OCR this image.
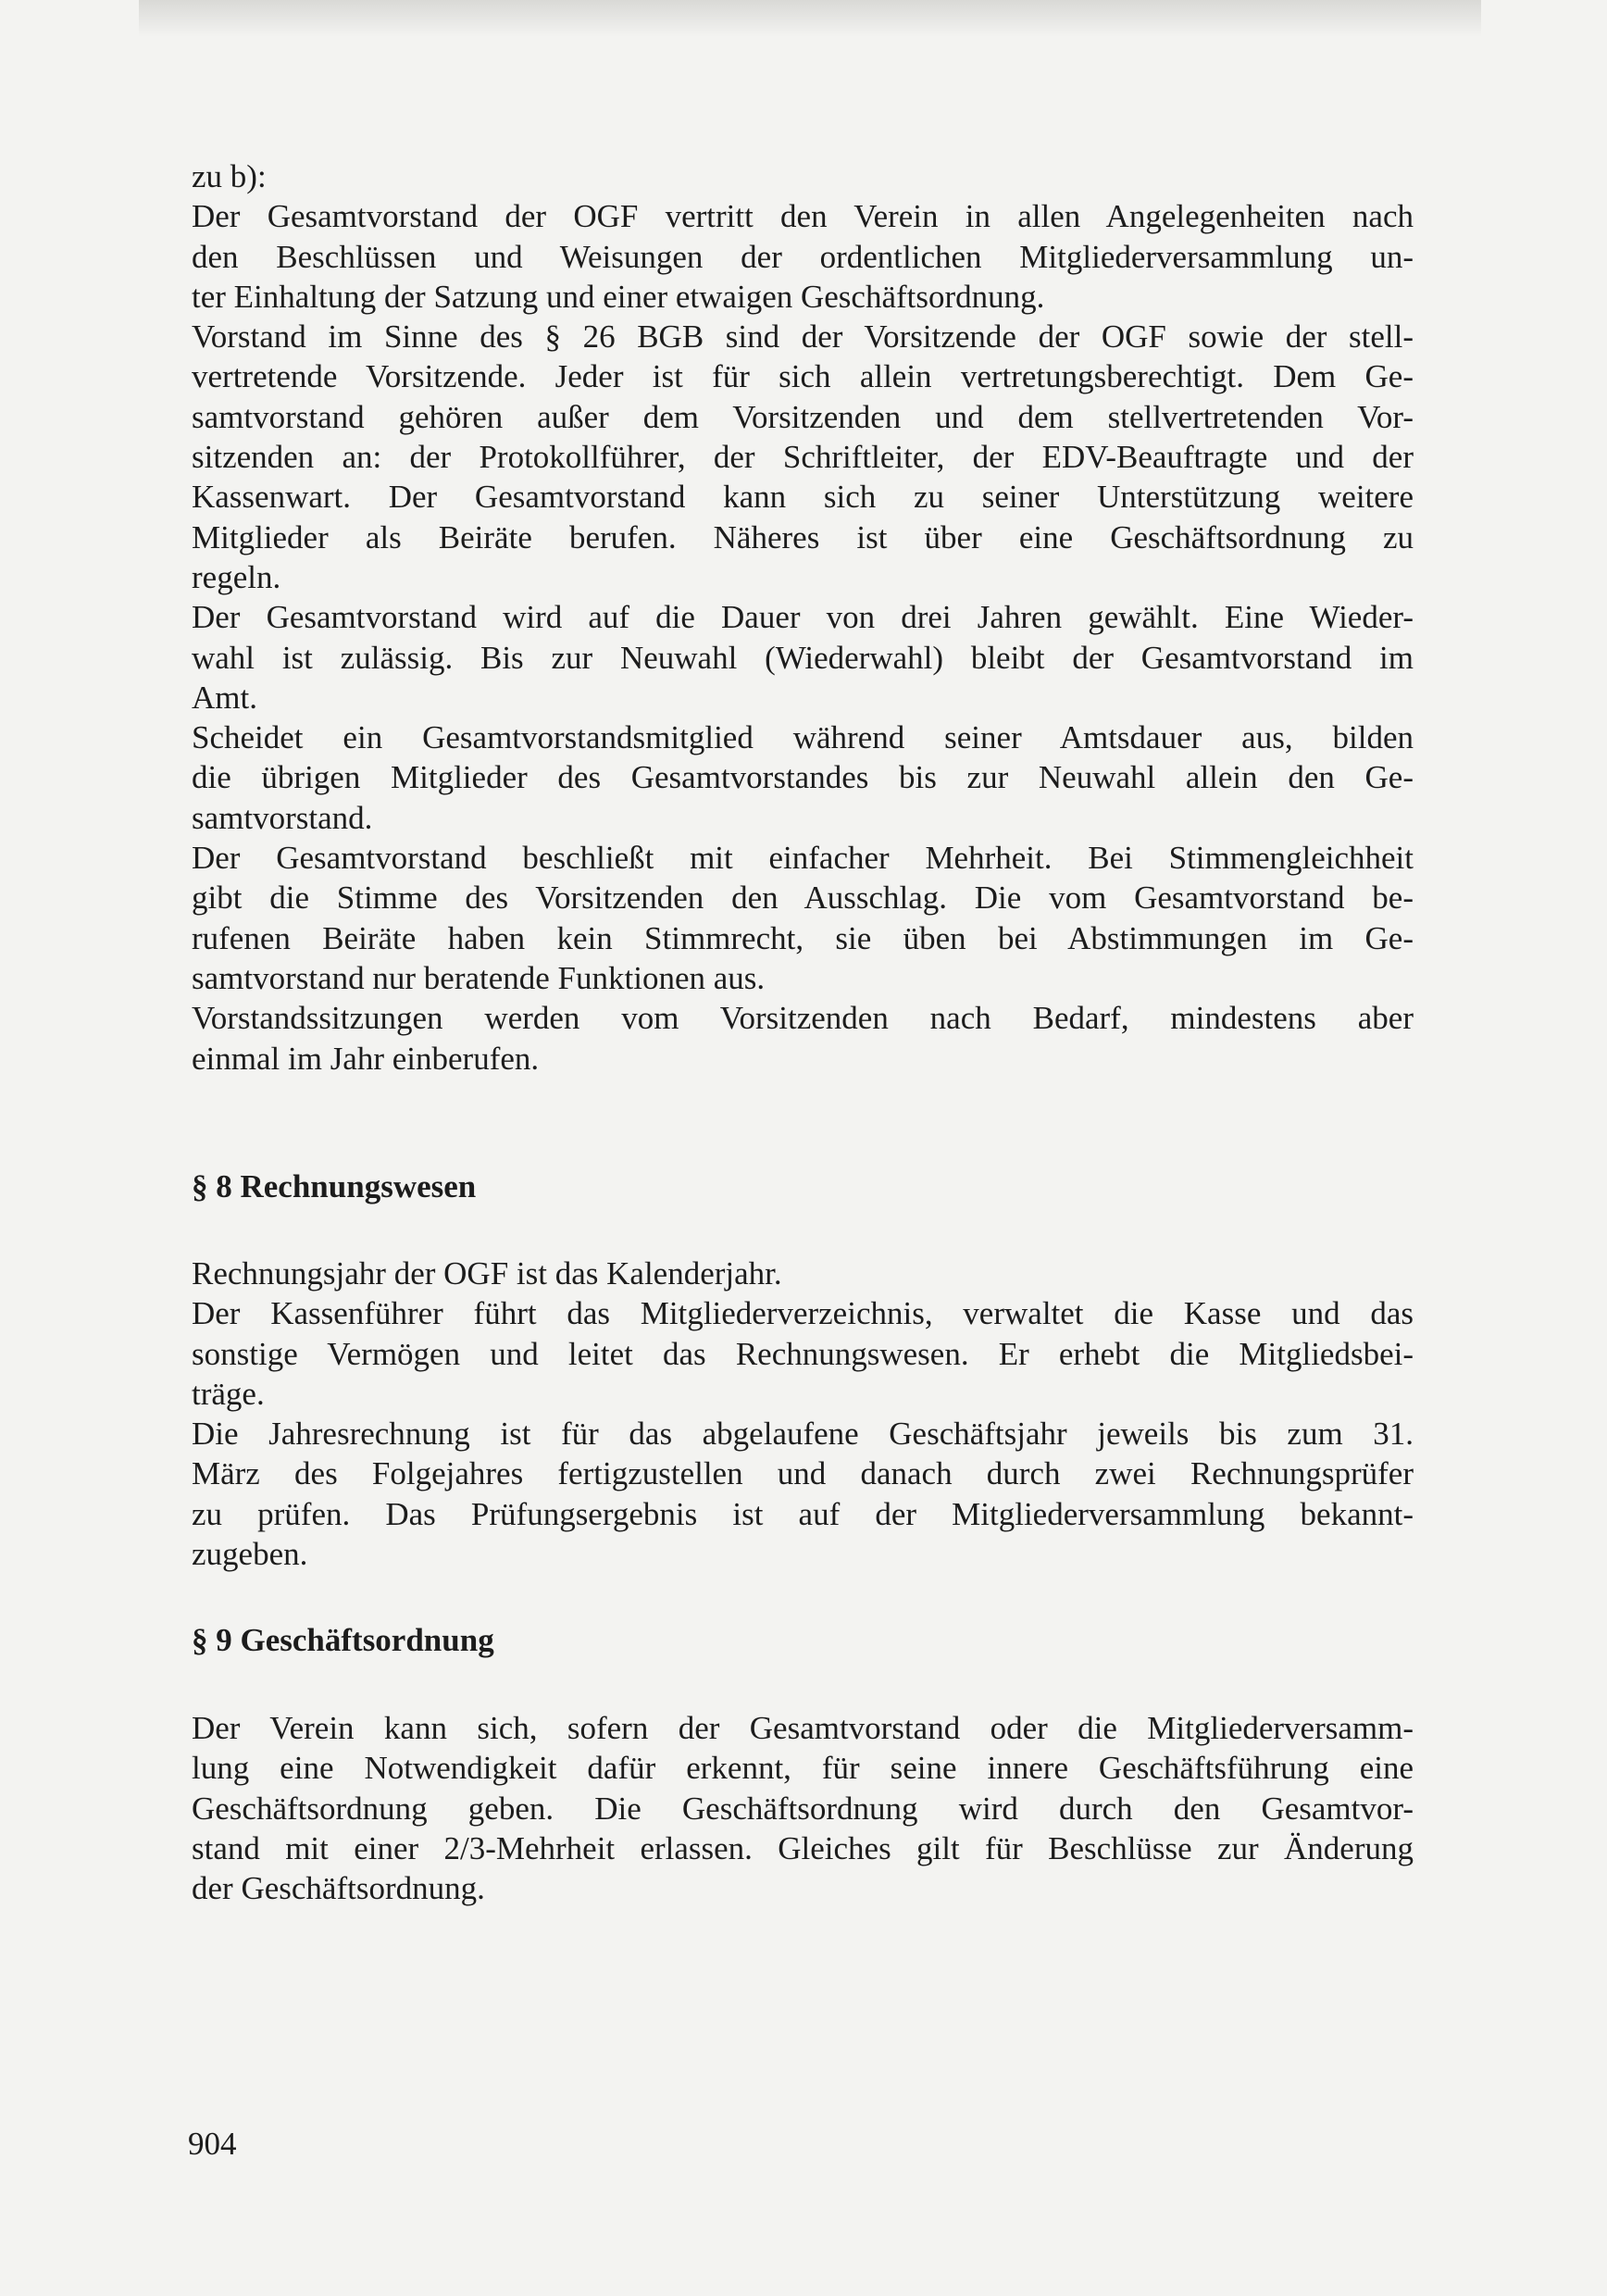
zu b):
Der Gesamtvorstand der OGF vertritt den Verein in allen Angelegenheiten nach
den Beschlüssen und Weisungen der ordentlichen Mitgliederversammlung un-
ter Einhaltung der Satzung und einer etwaigen Geschäftsordnung.
Vorstand im Sinne des § 26 BGB sind der Vorsitzende der OGF sowie der stell-
vertretende Vorsitzende. Jeder ist für sich allein vertretungsberechtigt. Dem Ge-
samtvorstand gehören außer dem Vorsitzenden und dem stellvertretenden Vor-
sitzenden an: der Protokollführer, der Schriftleiter, der EDV-Beauftragte und der
Kassenwart. Der Gesamtvorstand kann sich zu seiner Unterstützung weitere
Mitglieder als Beiräte berufen. Näheres ist über eine Geschäftsordnung zu
regeln.
Der Gesamtvorstand wird auf die Dauer von drei Jahren gewählt. Eine Wieder-
wahl ist zulässig. Bis zur Neuwahl (Wiederwahl) bleibt der Gesamtvorstand im
Amt.
Scheidet ein Gesamtvorstandsmitglied während seiner Amtsdauer aus, bilden
die übrigen Mitglieder des Gesamtvorstandes bis zur Neuwahl allein den Ge-
samtvorstand.
Der Gesamtvorstand beschließt mit einfacher Mehrheit. Bei Stimmengleichheit
gibt die Stimme des Vorsitzenden den Ausschlag. Die vom Gesamtvorstand be-
rufenen Beiräte haben kein Stimmrecht, sie üben bei Abstimmungen im Ge-
samtvorstand nur beratende Funktionen aus.
Vorstandssitzungen werden vom Vorsitzenden nach Bedarf, mindestens aber
einmal im Jahr einberufen.
§ 8 Rechnungswesen
Rechnungsjahr der OGF ist das Kalenderjahr.
Der Kassenführer führt das Mitgliederverzeichnis, verwaltet die Kasse und das
sonstige Vermögen und leitet das Rechnungswesen. Er erhebt die Mitgliedsbei-
träge.
Die Jahresrechnung ist für das abgelaufene Geschäftsjahr jeweils bis zum 31.
März des Folgejahres fertigzustellen und danach durch zwei Rechnungsprüfer
zu prüfen. Das Prüfungsergebnis ist auf der Mitgliederversammlung bekannt-
zugeben.
§ 9 Geschäftsordnung
Der Verein kann sich, sofern der Gesamtvorstand oder die Mitgliederversamm-
lung eine Notwendigkeit dafür erkennt, für seine innere Geschäftsführung eine
Geschäftsordnung geben. Die Geschäftsordnung wird durch den Gesamtvor-
stand mit einer 2/3-Mehrheit erlassen. Gleiches gilt für Beschlüsse zur Änderung
der Geschäftsordnung.
904
